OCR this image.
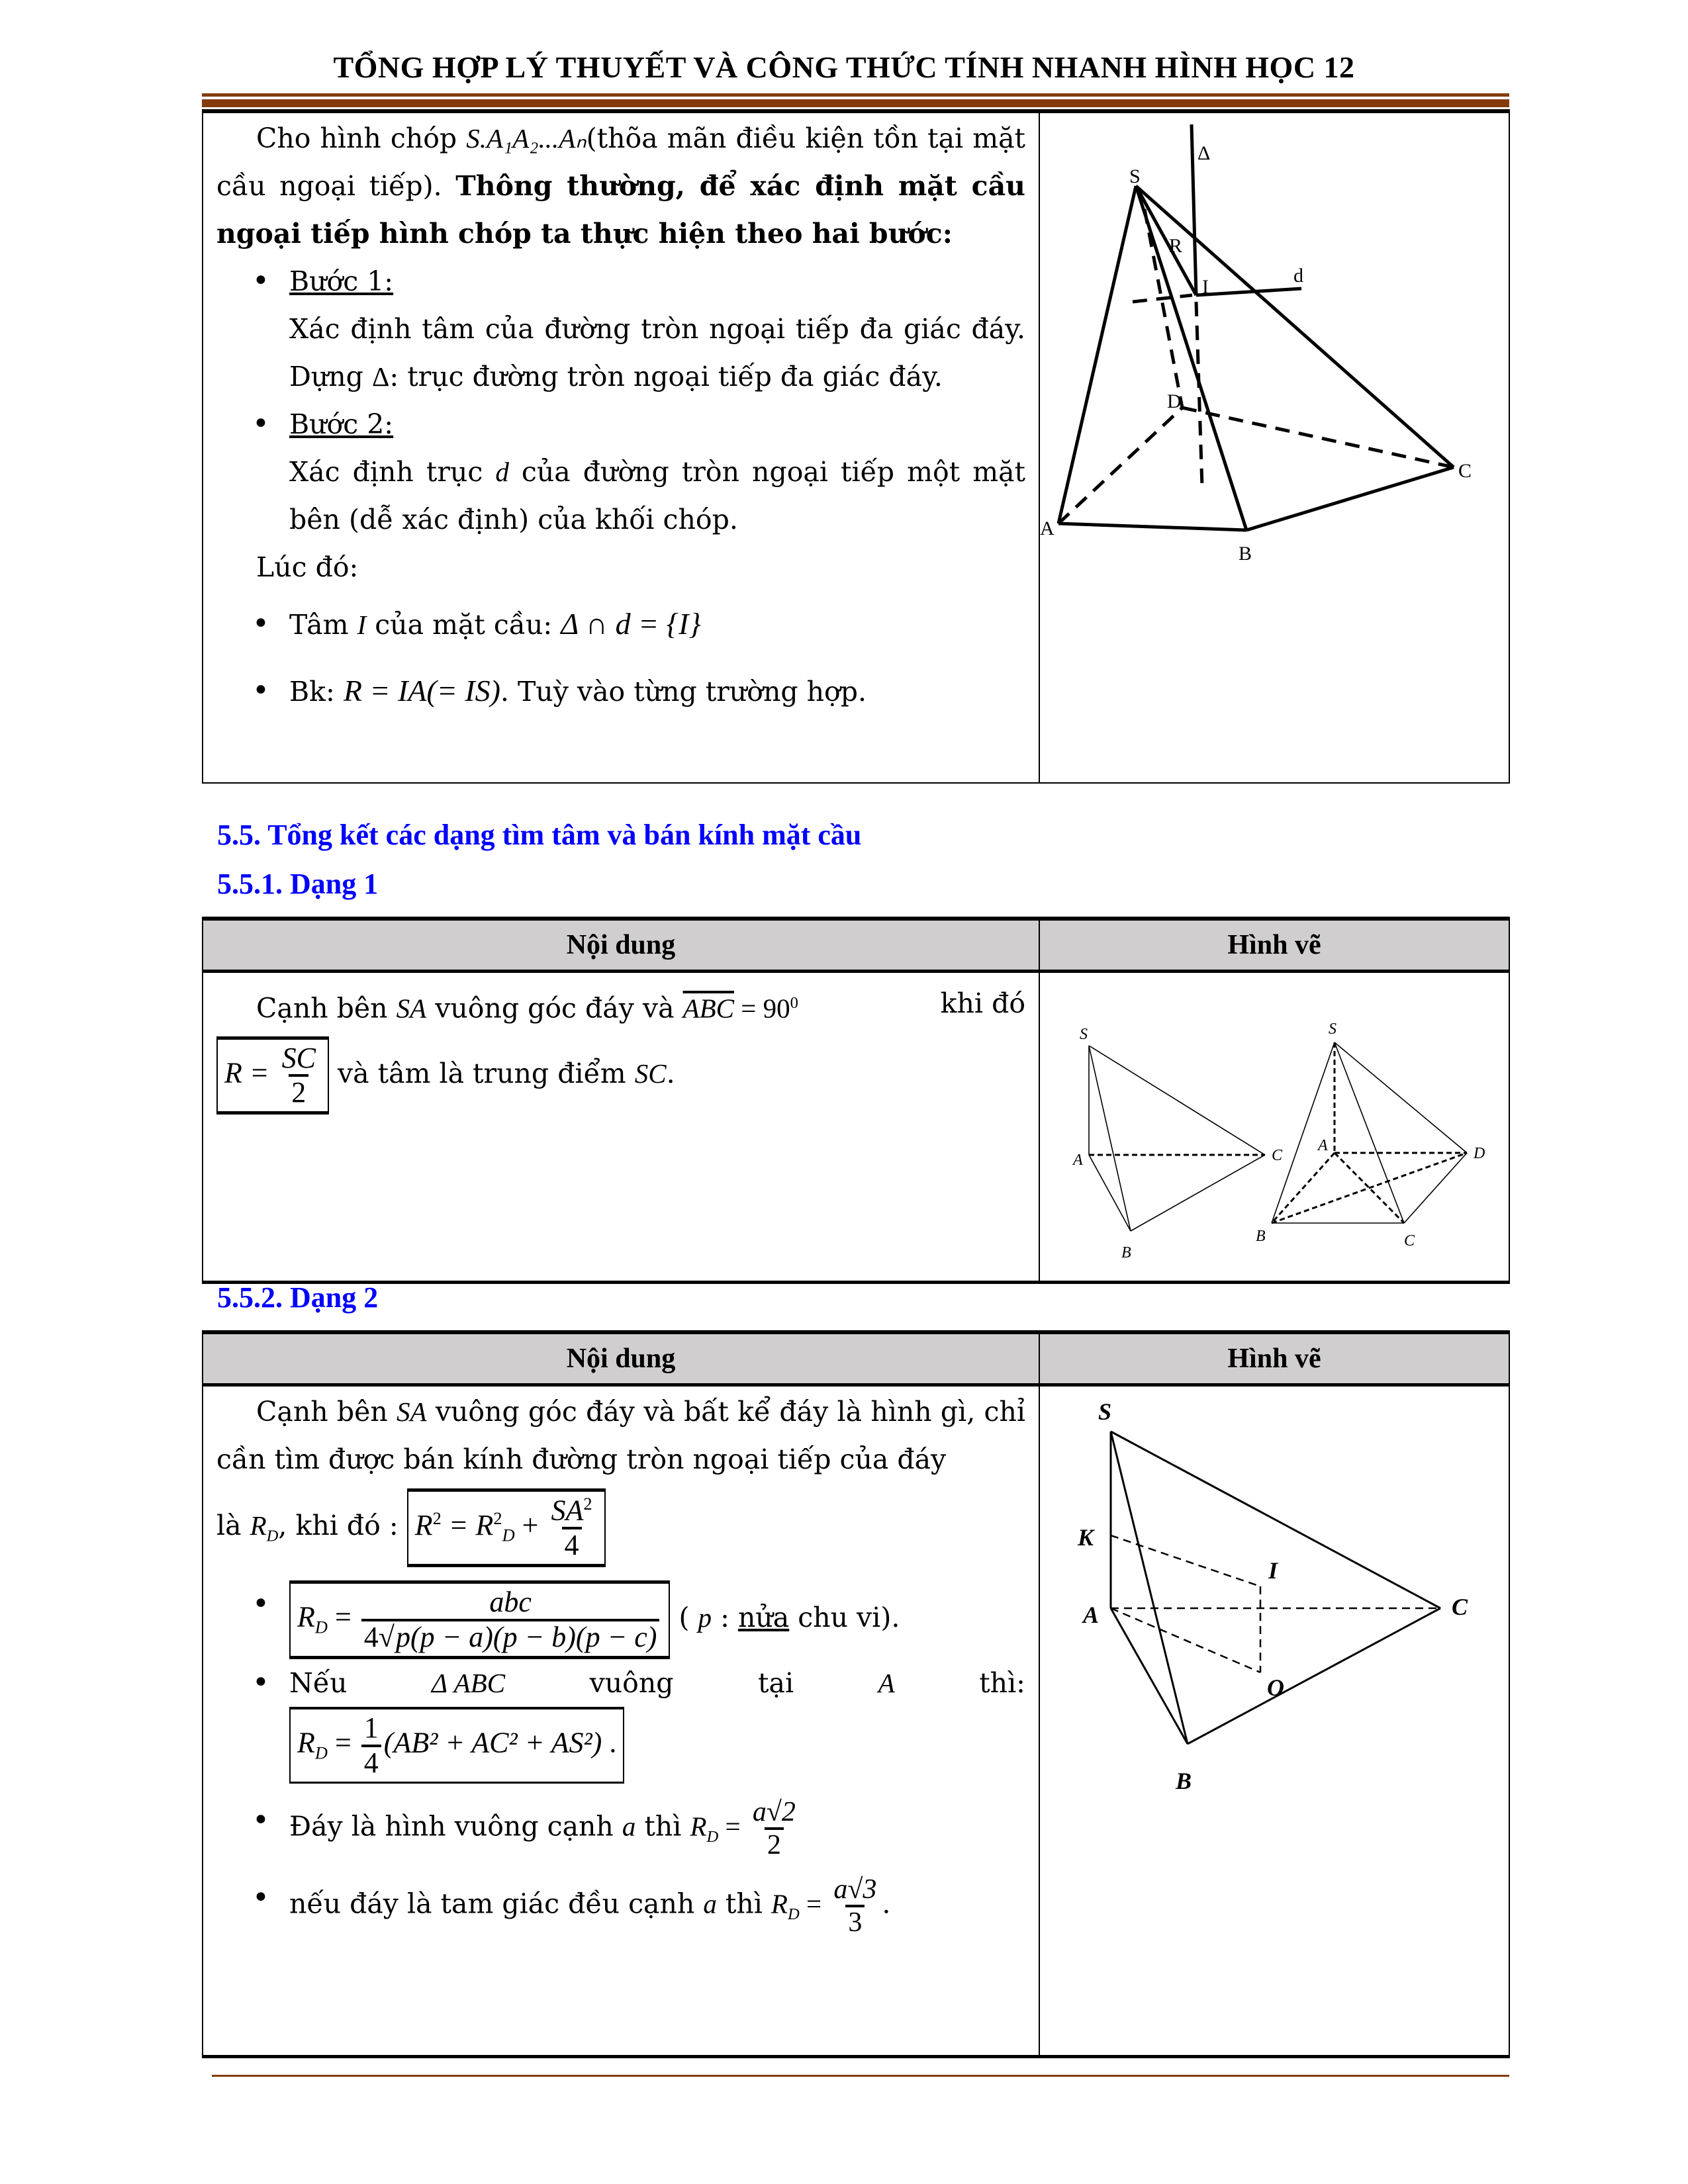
TỔNG HỢP LÝ THUYẾT VÀ CÔNG THỨC TÍNH NHANH HÌNH HỌC 12

Cho hình chóp S.A₁A₂...Aₙ(thõa mãn điều kiện tồn tại mặt cầu ngoại tiếp). Thông thường, để xác định mặt cầu ngoại tiếp hình chóp ta thực hiện theo hai bước:

• Bước 1:

Xác định tâm của đường tròn ngoại tiếp đa giác đáy. Dựng Δ: trục đường tròn ngoại tiếp đa giác đáy.

• Bước 2:

Xác định trục d của đường tròn ngoại tiếp một mặt bên (dễ xác định) của khối chóp.

Lúc đó:

• Tâm I của mặt cầu: Δ ∩ d = {I}
• Bk: R = IA(= IS). Tuỳ vào từng trường hợp.

Δ
S
R
I
d
D
C
A
B
5.5. Tổng kết các dạng tìm tâm và bán kính mặt cầu
5.5.1. Dạng 1
Nội dung	Hình vẽ

Cạnh bên SA vuông góc đáy và $\overline{ABC} = 90^0$	khi đó

$R = \frac{SC}{2}$ và tâm là trung điểm SC.

S
A	C
B
S
A	D
B	C
5.5.2. Dạng 2
Nội dung	Hình vẽ

Cạnh bên SA vuông góc đáy và bất kể đáy là hình gì, chỉ cần tìm được bán kính đường tròn ngoại tiếp của đáy

là $R_D$, khi đó : $R^2 = R^2_D + \frac{SA^2}{4}$

• $R_D = \frac{\text{abc}}{4√p(p - a)(p - b)(p - c)}$ ( p : nửa chu vi).
• Nếu	Δ ABC	vuông	tại	A	thì:
$R_D = \frac{1}{4} (AB^2 + AC^2 + AS^2)$ .
• Đáy là hình vuông cạnh a thì $R_D = \frac{a√2}{2}$
• nếu đáy là tam giác đều cạnh a thì $R_D = \frac{a√3}{3}$ .

S
K
I
A	C
O
B
